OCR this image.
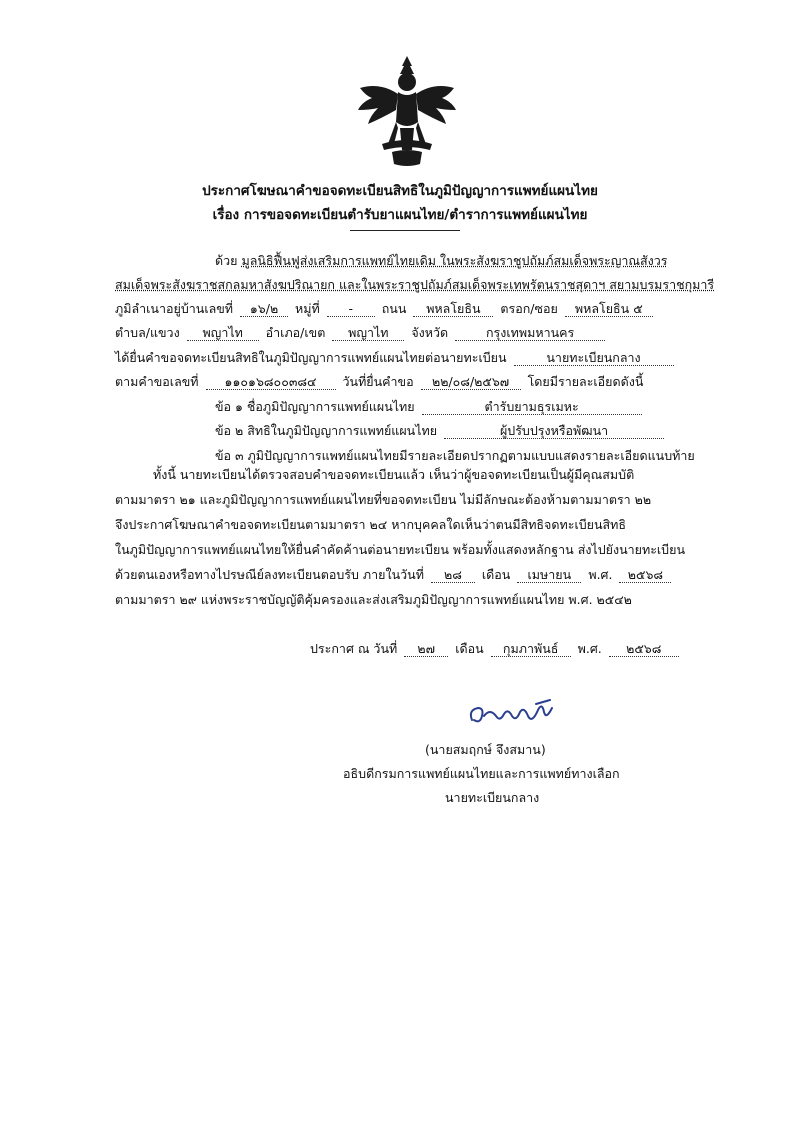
ประกาศโฆษณาคำขอจดทะเบียนสิทธิในภูมิปัญญาการแพทย์แผนไทย
เรื่อง การขอจดทะเบียนตำรับยาแผนไทย/ตำราการแพทย์แผนไทย
ด้วย มูลนิธิฟื้นฟูส่งเสริมการแพทย์ไทยเดิม ในพระสังฆราชูปถัมภ์สมเด็จพระญาณสังวร
สมเด็จพระสังฆราชสกลมหาสังฆปริณายก และในพระราชูปถัมภ์สมเด็จพระเทพรัตนราชสุดาฯ สยามบรมราชกุมารี
ภูมิลำเนาอยู่บ้านเลขที่ ๑๖/๒ หมู่ที่ - ถนน พหลโยธิน ตรอก/ซอย พหลโยธิน ๕
ตำบล/แขวง พญาไท อำเภอ/เขต พญาไท จังหวัด	กรุงเทพมหานคร
ได้ยื่นคำขอจดทะเบียนสิทธิในภูมิปัญญาการแพทย์แผนไทยต่อนายทะเบียน	นายทะเบียนกลาง
ตามคำขอเลขที่ ๑๑๐๑๖๘๐๐๓๘๔ วันที่ยื่นคำขอ ๒๒/๐๘/๒๕๖๗ โดยมีรายละเอียดดังนี้
ข้อ ๑ ชื่อภูมิปัญญาการแพทย์แผนไทย	ตำรับยามธุรเมหะ
ข้อ ๒ สิทธิในภูมิปัญญาการแพทย์แผนไทย	ผู้ปรับปรุงหรือพัฒนา
ข้อ ๓ ภูมิปัญญาการแพทย์แผนไทยมีรายละเอียดปรากฏตามแบบแสดงรายละเอียดแนบท้าย
ทั้งนี้ นายทะเบียนได้ตรวจสอบคำขอจดทะเบียนแล้ว เห็นว่าผู้ขอจดทะเบียนเป็นผู้มีคุณสมบัติ
ตามมาตรา ๒๑ และภูมิปัญญาการแพทย์แผนไทยที่ขอจดทะเบียน ไม่มีลักษณะต้องห้ามตามมาตรา ๒๒
จึงประกาศโฆษณาคำขอจดทะเบียนตามมาตรา ๒๔ หากบุคคลใดเห็นว่าตนมีสิทธิจดทะเบียนสิทธิ
ในภูมิปัญญาการแพทย์แผนไทยให้ยื่นคำคัดค้านต่อนายทะเบียน พร้อมทั้งแสดงหลักฐาน ส่งไปยังนายทะเบียน
ด้วยตนเองหรือทางไปรษณีย์ลงทะเบียนตอบรับ ภายในวันที่ ๒๘ เดือน เมษายน พ.ศ. ๒๕๖๘
ตามมาตรา ๒๙ แห่งพระราชบัญญัติคุ้มครองและส่งเสริมภูมิปัญญาการแพทย์แผนไทย พ.ศ. ๒๕๔๒
ประกาศ ณ วันที่ ๒๗ เดือน กุมภาพันธ์ พ.ศ. ๒๕๖๘
(นายสมฤกษ์ จึงสมาน)
อธิบดีกรมการแพทย์แผนไทยและการแพทย์ทางเลือก
นายทะเบียนกลาง
